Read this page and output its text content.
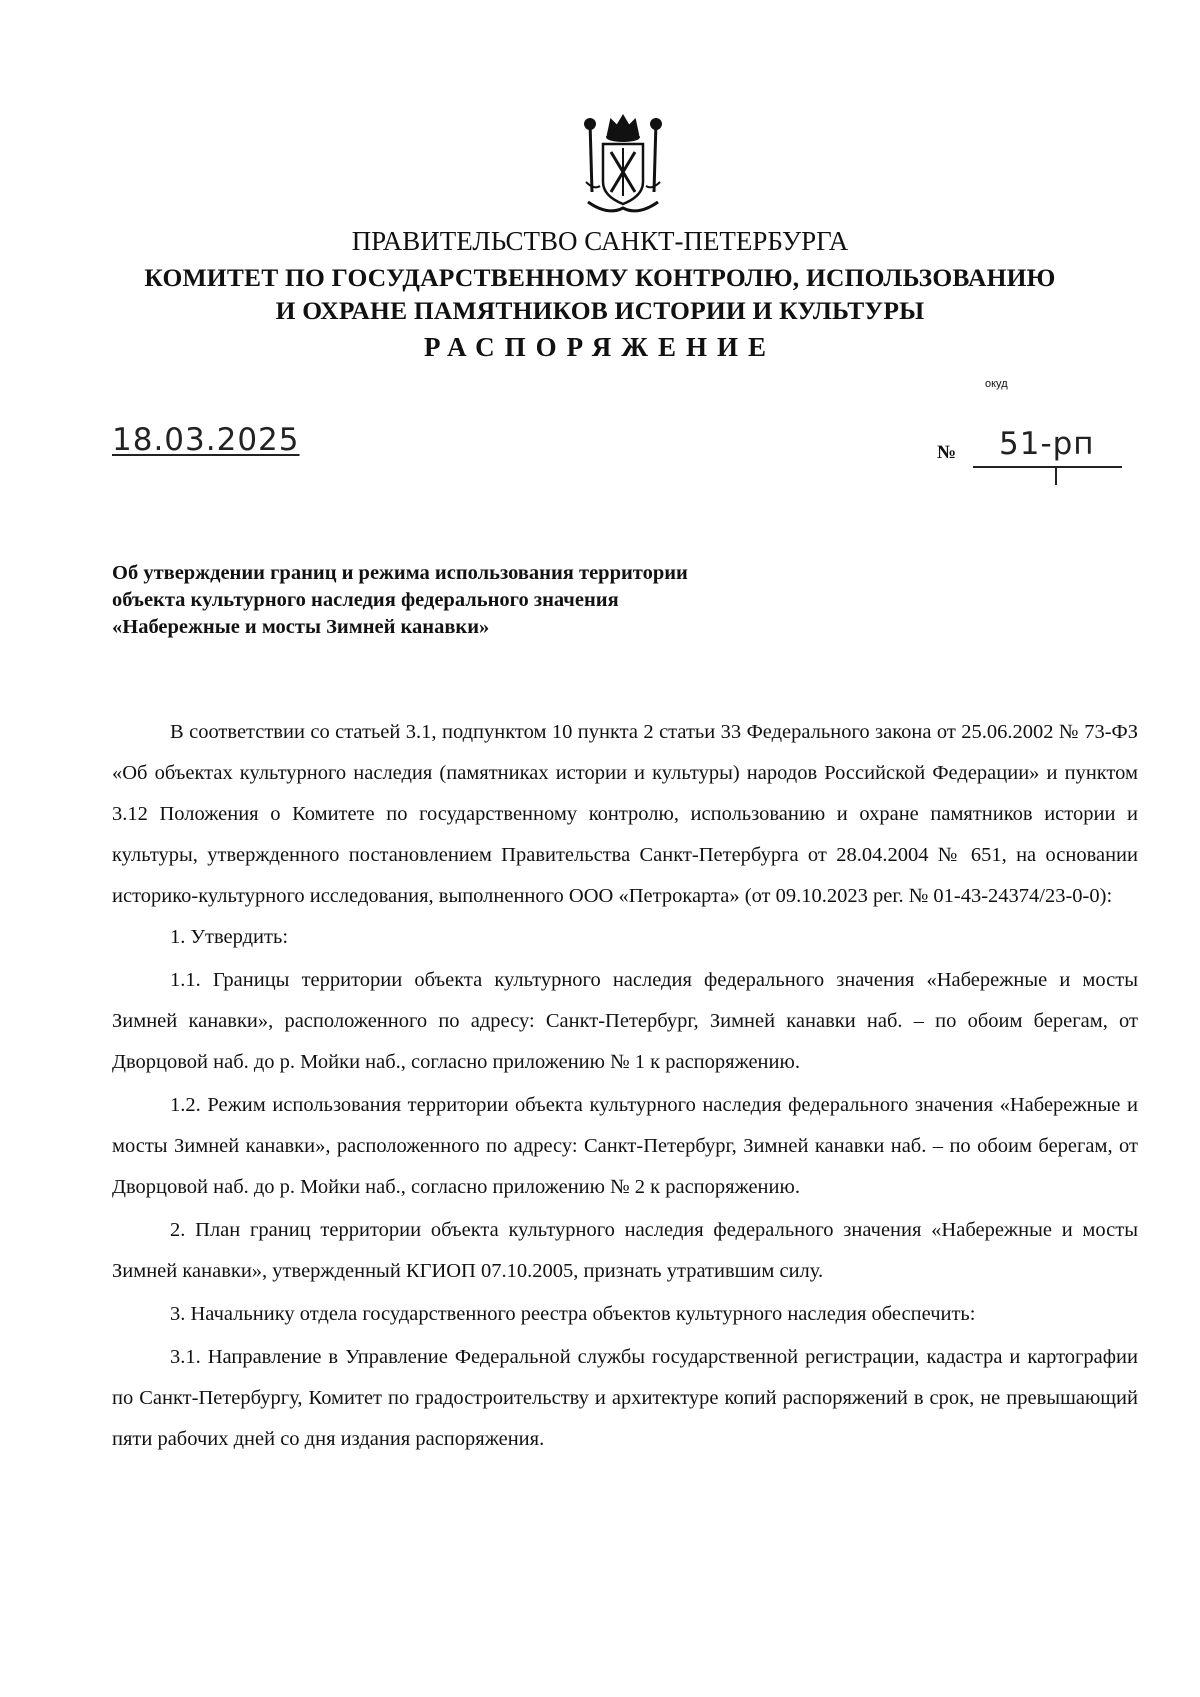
ПРАВИТЕЛЬСТВО САНКТ-ПЕТЕРБУРГА
КОМИТЕТ ПО ГОСУДАРСТВЕННОМУ КОНТРОЛЮ, ИСПОЛЬЗОВАНИЮ
И ОХРАНЕ ПАМЯТНИКОВ ИСТОРИИ И КУЛЬТУРЫ
РАСПОРЯЖЕНИЕ
окуд
18.03.2025	№ 51-рп
Об утверждении границ и режима использования территории
объекта культурного наследия федерального значения
«Набережные и мосты Зимней канавки»

В соответствии со статьей 3.1, подпунктом 10 пункта 2 статьи 33 Федерального закона от 25.06.2002 № 73-ФЗ «Об объектах культурного наследия (памятниках истории и культуры) народов Российской Федерации» и пунктом 3.12 Положения о Комитете по государственному контролю, использованию и охране памятников истории и культуры, утвержденного постановлением Правительства Санкт-Петербурга от 28.04.2004 № 651, на основании историко-культурного исследования, выполненного ООО «Петрокарта» (от 09.10.2023 рег. № 01-43-24374/23-0-0):

1. Утвердить:

1.1. Границы территории объекта культурного наследия федерального значения «Набережные и мосты Зимней канавки», расположенного по адресу: Санкт-Петербург, Зимней канавки наб. – по обоим берегам, от Дворцовой наб. до р. Мойки наб., согласно приложению № 1 к распоряжению.

1.2. Режим использования территории объекта культурного наследия федерального значения «Набережные и мосты Зимней канавки», расположенного по адресу: Санкт-Петербург, Зимней канавки наб. – по обоим берегам, от Дворцовой наб. до р. Мойки наб., согласно приложению № 2 к распоряжению.

2. План границ территории объекта культурного наследия федерального значения «Набережные и мосты Зимней канавки», утвержденный КГИОП 07.10.2005, признать утратившим силу.

3. Начальнику отдела государственного реестра объектов культурного наследия обеспечить:

3.1. Направление в Управление Федеральной службы государственной регистрации, кадастра и картографии по Санкт-Петербургу, Комитет по градостроительству и архитектуре копий распоряжений в срок, не превышающий пяти рабочих дней со дня издания распоряжения.
